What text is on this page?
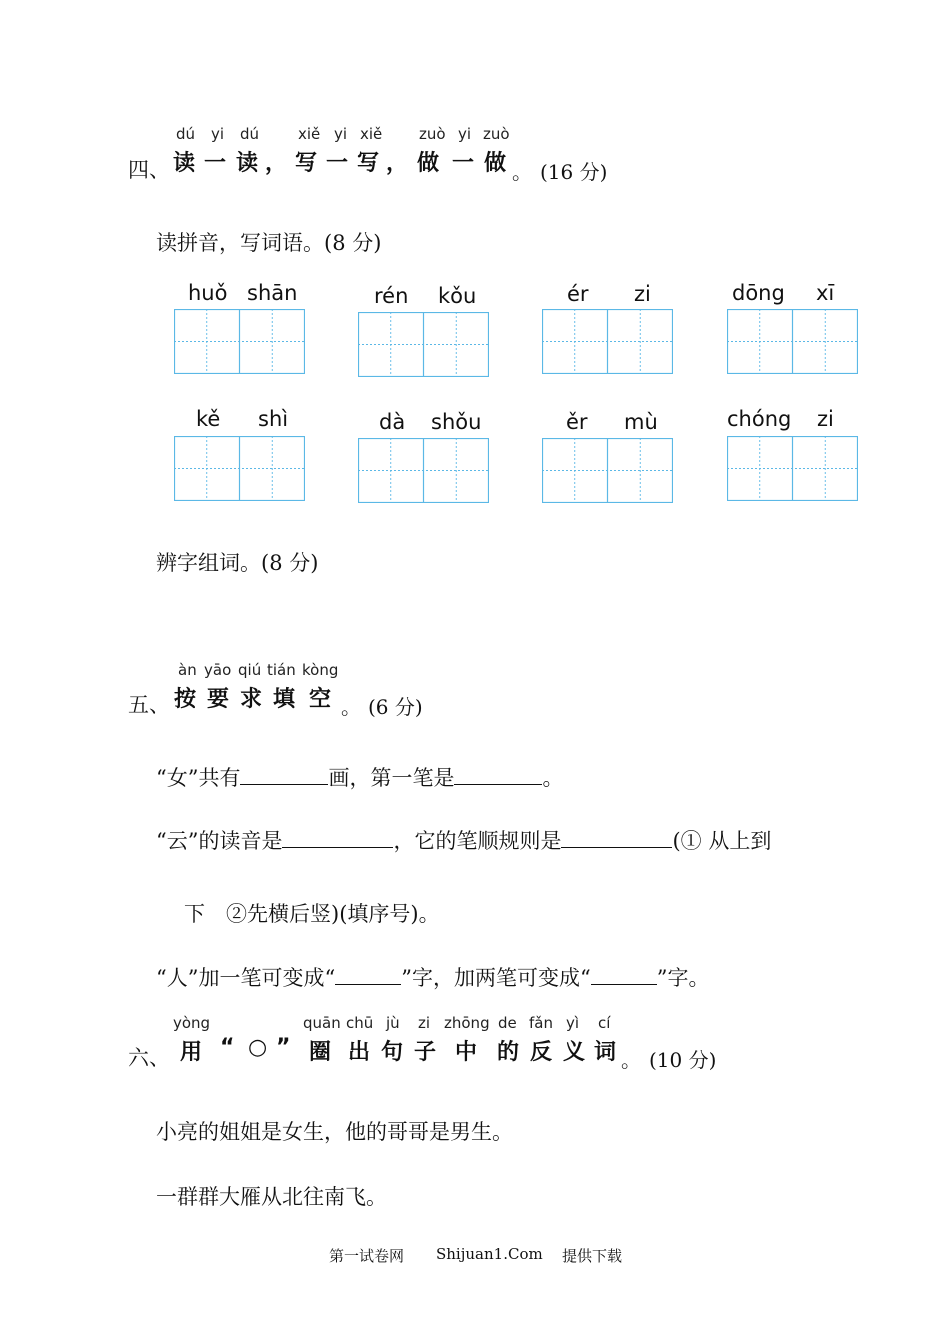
四、
dú yi dú	xiě yi xiě zuò yi zuò
读 一 读 ， 写 一 写 ， 做 一 做 。 (16 分)
读拼音，写词语。(8 分)
huǒ shān	rén kǒu	ér zi	dōng xī
kě shì	dà shǒu	ěr mù	chóng zi
辨字组词。(8 分)
五、
àn yāo qiú tián kòng
按 要 求 填 空 。 (6 分)
“女”共有	画，第一笔是	。
“云”的读音是	，它的笔顺规则是	(① 从上到
下　②先横后竖)(填序号)。
“人”加一笔可变成“	”字，加两笔可变成“	”字。
六、
yòng	quān chū jù zi zhōng de fǎn yì cí
用 “ ○ ” 圈 出 句 子 中 的 反 义 词 。 (10 分)
小亮的姐姐是女生，他的哥哥是男生。
一群群大雁从北往南飞。
第一试卷网 Shijuan1.Com 提供下载
